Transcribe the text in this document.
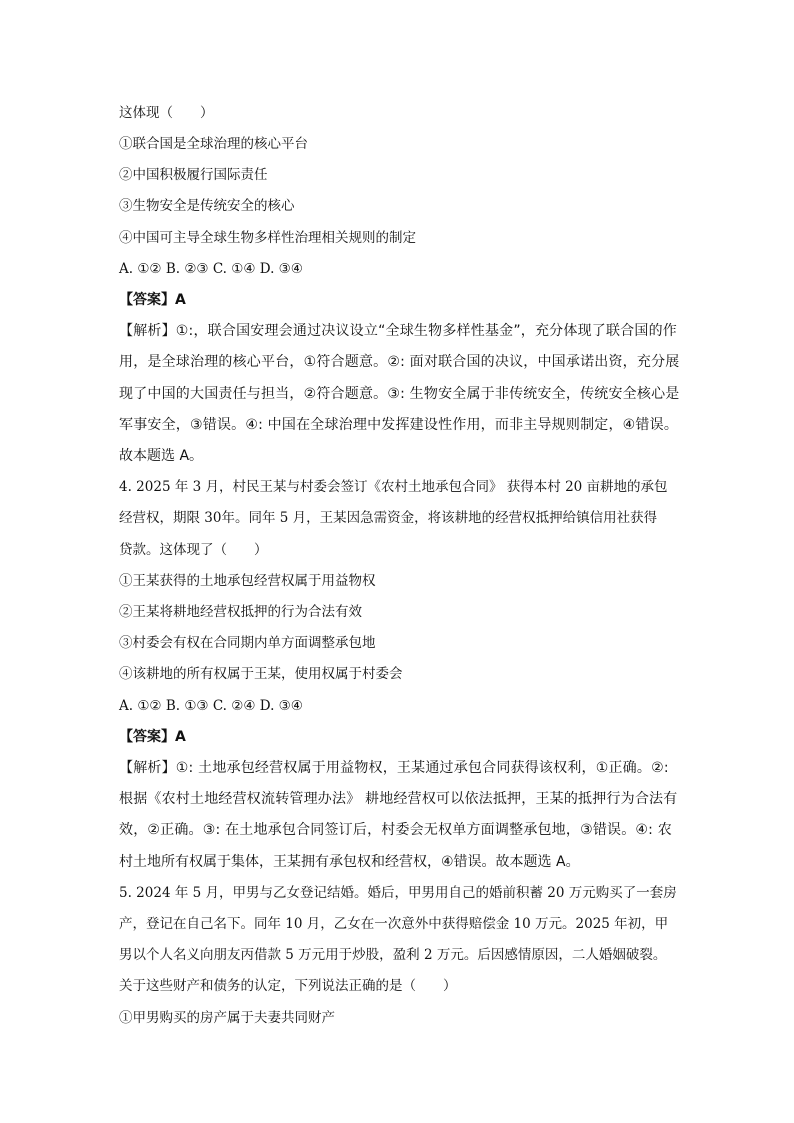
这体现（　　）
①联合国是全球治理的核心平台
②中国积极履行国际责任
③生物安全是传统安全的核心
④中国可主导全球生物多样性治理相关规则的制定
A. ①② B. ②③ C. ①④ D. ③④
【答案】A
【解析】①:，联合国安理会通过决议设立“全球生物多样性基金”，充分体现了联合国的作
用，是全球治理的核心平台，①符合题意。②: 面对联合国的决议，中国承诺出资，充分展
现了中国的大国责任与担当，②符合题意。③: 生物安全属于非传统安全，传统安全核心是
军事安全，③错误。④: 中国在全球治理中发挥建设性作用，而非主导规则制定，④错误。
故本题选 A。
4. 2025 年 3 月，村民王某与村委会签订《农村土地承包合同》 获得本村 20 亩耕地的承包
经营权，期限 30年。同年 5 月，王某因急需资金，将该耕地的经营权抵押给镇信用社获得
贷款。这体现了（　　）
①王某获得的土地承包经营权属于用益物权
②王某将耕地经营权抵押的行为合法有效
③村委会有权在合同期内单方面调整承包地
④该耕地的所有权属于王某，使用权属于村委会
A. ①② B. ①③ C. ②④ D. ③④
【答案】A
【解析】①: 土地承包经营权属于用益物权，王某通过承包合同获得该权利，①正确。②:
根据《农村土地经营权流转管理办法》 耕地经营权可以依法抵押，王某的抵押行为合法有
效，②正确。③: 在土地承包合同签订后，村委会无权单方面调整承包地，③错误。④: 农
村土地所有权属于集体，王某拥有承包权和经营权，④错误。故本题选 A。
5. 2024 年 5 月，甲男与乙女登记结婚。婚后，甲男用自己的婚前积蓄 20 万元购买了一套房
产，登记在自己名下。同年 10 月，乙女在一次意外中获得赔偿金 10 万元。2025 年初，甲
男以个人名义向朋友丙借款 5 万元用于炒股，盈利 2 万元。后因感情原因，二人婚姻破裂。
关于这些财产和债务的认定，下列说法正确的是（　　）
①甲男购买的房产属于夫妻共同财产
